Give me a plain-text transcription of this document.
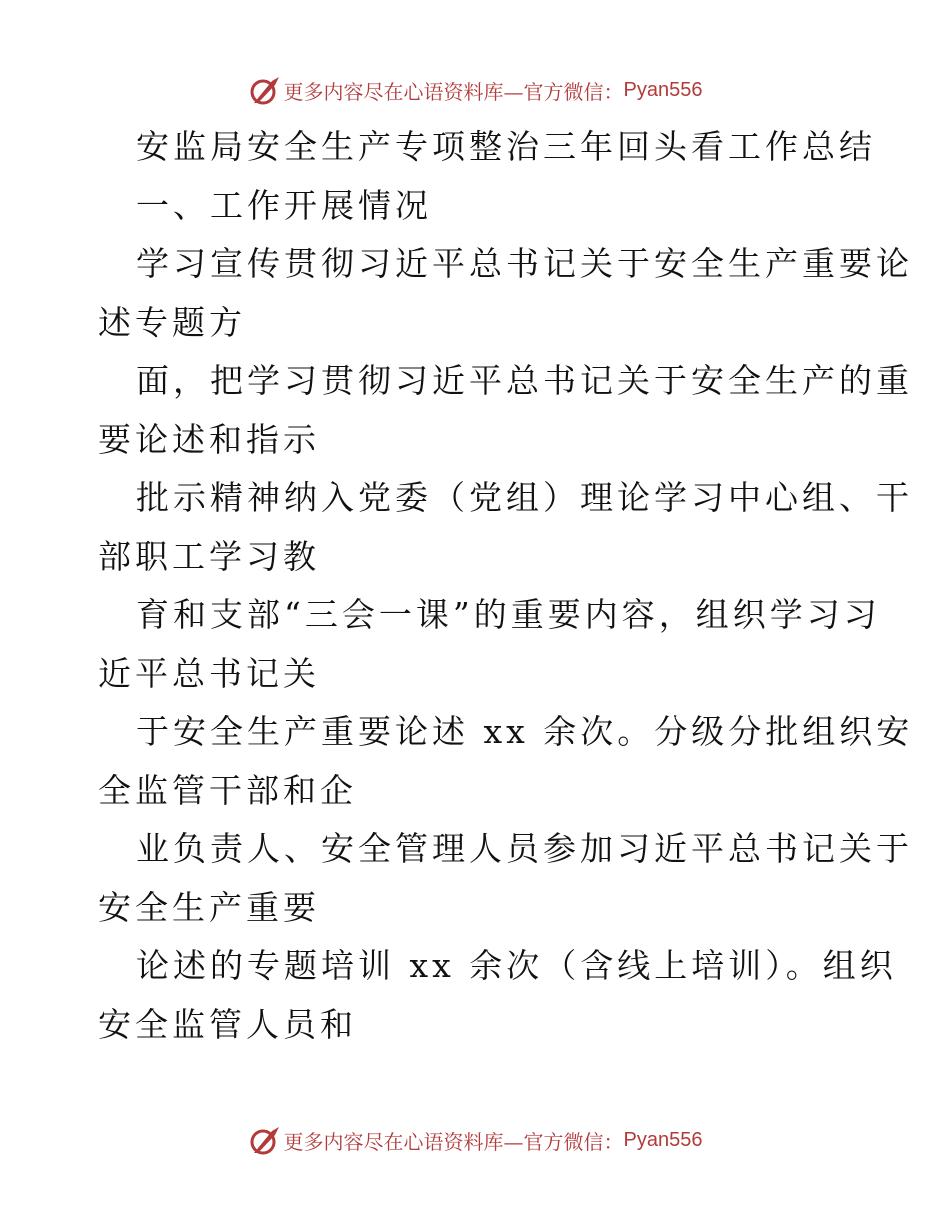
更多内容尽在心语资料库—官方微信： Pyan556
安监局安全生产专项整治三年回头看工作总结
一、工作开展情况
学习宣传贯彻习近平总书记关于安全生产重要论
述专题方
面，把学习贯彻习近平总书记关于安全生产的重
要论述和指示
批示精神纳入党委（党组）理论学习中心组、干
部职工学习教
育和支部“三会一课”的重要内容，组织学习习
近平总书记关
于安全生产重要论述 xx 余次。分级分批组织安
全监管干部和企
业负责人、安全管理人员参加习近平总书记关于
安全生产重要
论述的专题培训 xx 余次（含线上培训）。组织
安全监管人员和
更多内容尽在心语资料库—官方微信： Pyan556
